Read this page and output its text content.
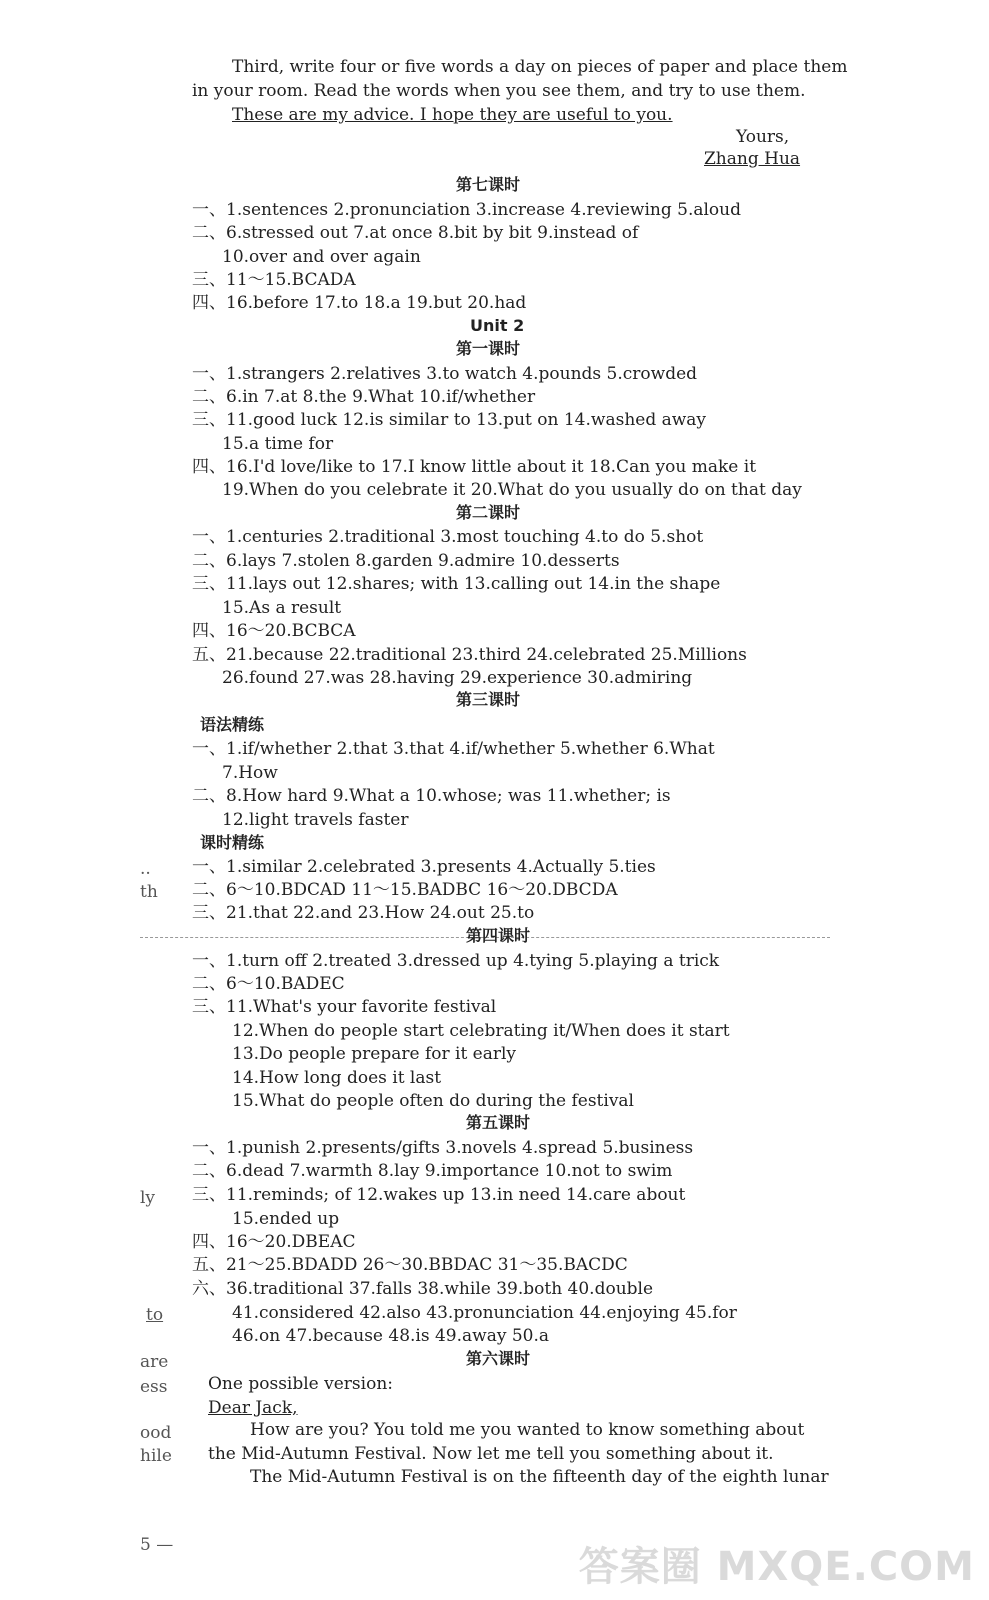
Third, write four or five words a day on pieces of paper and place them
in your room. Read the words when you see them, and try to use them.
These are my advice. I hope they are useful to you.
Yours,
Zhang Hua
第七课时
一、1.sentences 2.pronunciation 3.increase 4.reviewing 5.aloud
二、6.stressed out 7.at once 8.bit by bit 9.instead of
10.over and over again
三、11～15.BCADA
四、16.before 17.to 18.a 19.but 20.had
Unit 2
第一课时
一、1.strangers 2.relatives 3.to watch 4.pounds 5.crowded
二、6.in 7.at 8.the 9.What 10.if/whether
三、11.good luck 12.is similar to 13.put on 14.washed away
15.a time for
四、16.I'd love/like to 17.I know little about it 18.Can you make it
19.When do you celebrate it 20.What do you usually do on that day
第二课时
一、1.centuries 2.traditional 3.most touching 4.to do 5.shot
二、6.lays 7.stolen 8.garden 9.admire 10.desserts
三、11.lays out 12.shares; with 13.calling out 14.in the shape
15.As a result
四、16～20.BCBCA
五、21.because 22.traditional 23.third 24.celebrated 25.Millions
26.found 27.was 28.having 29.experience 30.admiring
第三课时
语法精练
一、1.if/whether 2.that 3.that 4.if/whether 5.whether 6.What
7.How
二、8.How hard 9.What a 10.whose; was 11.whether; is
12.light travels faster
课时精练
一、1.similar 2.celebrated 3.presents 4.Actually 5.ties
二、6～10.BDCAD 11～15.BADBC 16～20.DBCDA
三、21.that 22.and 23.How 24.out 25.to
第四课时
一、1.turn off 2.treated 3.dressed up 4.tying 5.playing a trick
二、6～10.BADEC
三、11.What's your favorite festival
12.When do people start celebrating it/When does it start
13.Do people prepare for it early
14.How long does it last
15.What do people often do during the festival
第五课时
一、1.punish 2.presents/gifts 3.novels 4.spread 5.business
二、6.dead 7.warmth 8.lay 9.importance 10.not to swim
三、11.reminds; of 12.wakes up 13.in need 14.care about
15.ended up
四、16～20.DBEAC
五、21～25.BDADD 26～30.BBDAC 31～35.BACDC
六、36.traditional 37.falls 38.while 39.both 40.double
41.considered 42.also 43.pronunciation 44.enjoying 45.for
46.on 47.because 48.is 49.away 50.a
第六课时
One possible version:
Dear Jack,
How are you? You told me you wanted to know something about
the Mid-Autumn Festival. Now let me tell you something about it.
The Mid-Autumn Festival is on the fifteenth day of the eighth lunar
..
th
ly
to
are
ess
ood
hile
5 —	答案圈 MXQE.COM
